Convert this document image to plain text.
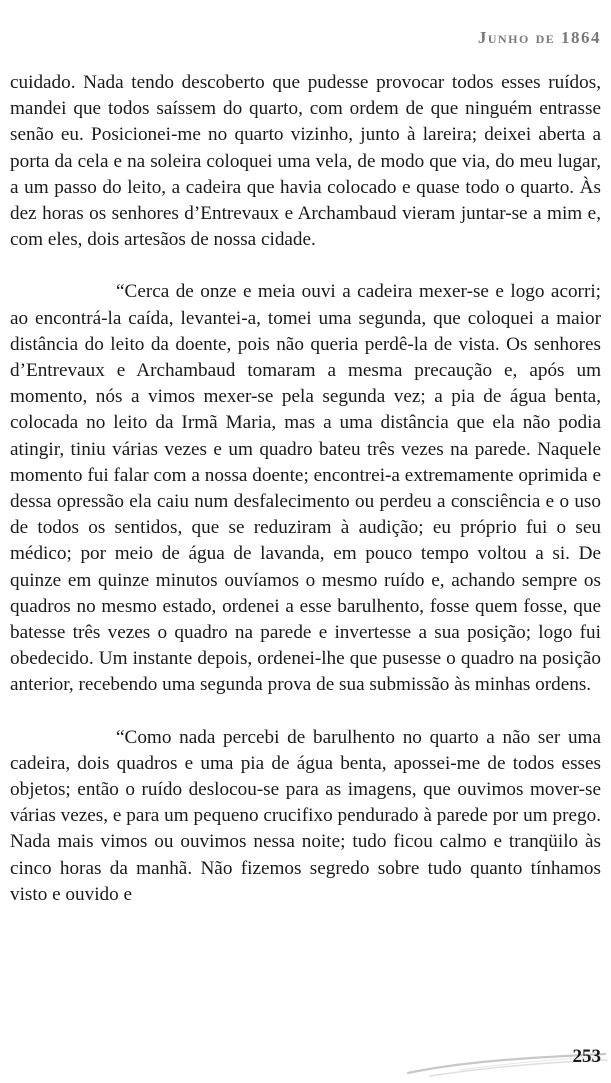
Junho de 1864

cuidado. Nada tendo descoberto que pudesse provocar todos esses ruídos, mandei que todos saíssem do quarto, com ordem de que ninguém entrasse senão eu. Posicionei-me no quarto vizinho, junto à lareira; deixei aberta a porta da cela e na soleira coloquei uma vela, de modo que via, do meu lugar, a um passo do leito, a cadeira que havia colocado e quase todo o quarto. Às dez horas os senhores d’Entrevaux e Archambaud vieram juntar-se a mim e, com eles, dois artesãos de nossa cidade.

“Cerca de onze e meia ouvi a cadeira mexer-se e logo acorri; ao encontrá-la caída, levantei-a, tomei uma segunda, que coloquei a maior distância do leito da doente, pois não queria perdê-la de vista. Os senhores d’Entrevaux e Archambaud tomaram a mesma precaução e, após um momento, nós a vimos mexer-se pela segunda vez; a pia de água benta, colocada no leito da Irmã Maria, mas a uma distância que ela não podia atingir, tiniu várias vezes e um quadro bateu três vezes na parede. Naquele momento fui falar com a nossa doente; encontrei-a extremamente oprimida e dessa opressão ela caiu num desfalecimento ou perdeu a consciência e o uso de todos os sentidos, que se reduziram à audição; eu próprio fui o seu médico; por meio de água de lavanda, em pouco tempo voltou a si. De quinze em quinze minutos ouvíamos o mesmo ruído e, achando sempre os quadros no mesmo estado, ordenei a esse barulhento, fosse quem fosse, que batesse três vezes o quadro na parede e invertesse a sua posição; logo fui obedecido. Um instante depois, ordenei-lhe que pusesse o quadro na posição anterior, recebendo uma segunda prova de sua submissão às minhas ordens.

“Como nada percebi de barulhento no quarto a não ser uma cadeira, dois quadros e uma pia de água benta, apossei-me de todos esses objetos; então o ruído deslocou-se para as imagens, que ouvimos mover-se várias vezes, e para um pequeno crucifixo pendurado à parede por um prego. Nada mais vimos ou ouvimos nessa noite; tudo ficou calmo e tranqüilo às cinco horas da manhã. Não fizemos segredo sobre tudo quanto tínhamos visto e ouvido e

253
